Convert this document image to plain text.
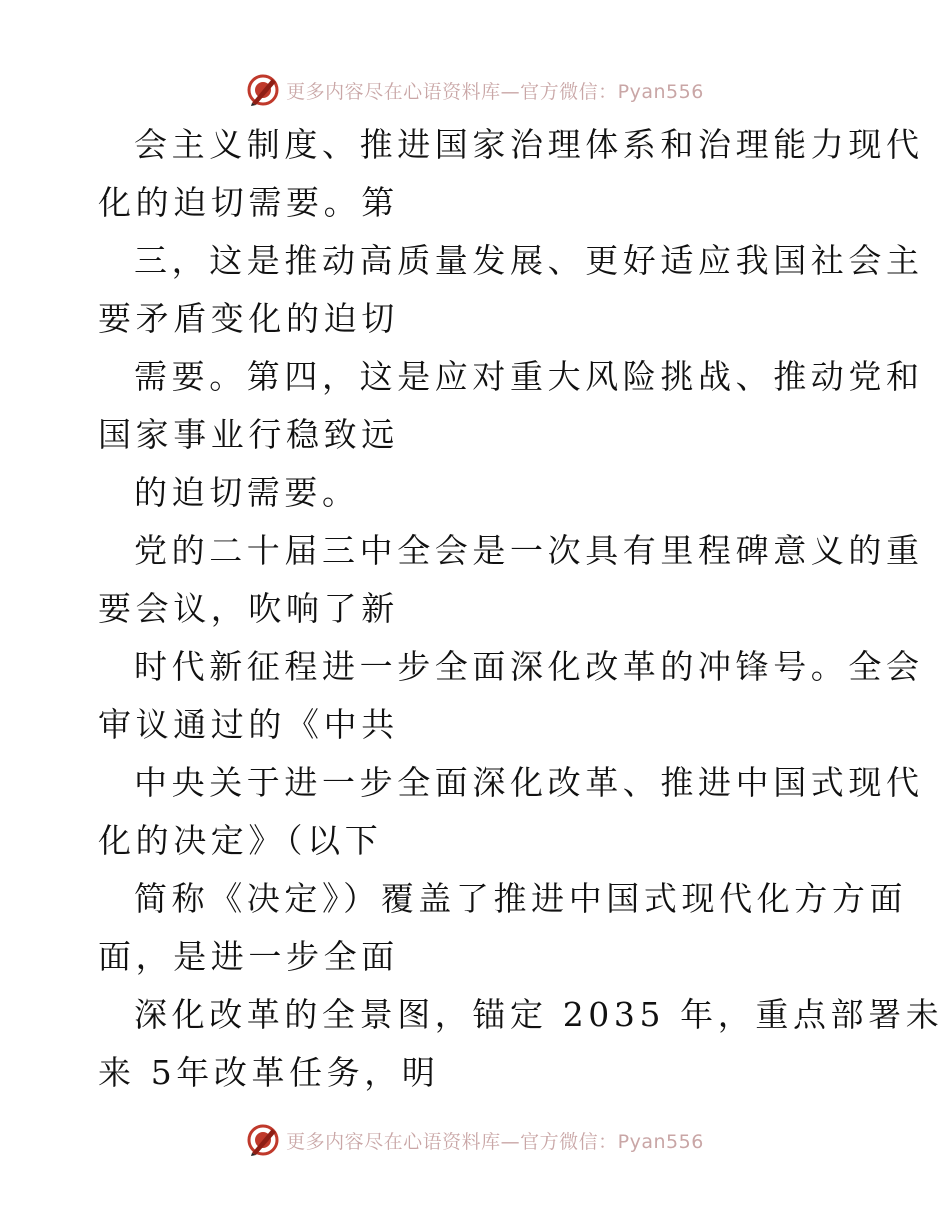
更多内容尽在心语资料库—官方微信：Pyan556
会主义制度、推进国家治理体系和治理能力现代
化的迫切需要。第
三，这是推动高质量发展、更好适应我国社会主
要矛盾变化的迫切
需要。第四，这是应对重大风险挑战、推动党和
国家事业行稳致远
的迫切需要。
党的二十届三中全会是一次具有里程碑意义的重
要会议，吹响了新
时代新征程进一步全面深化改革的冲锋号。全会
审议通过的《中共
中央关于进一步全面深化改革、推进中国式现代
化的决定》（以下
简称《决定》）覆盖了推进中国式现代化方方面
面，是进一步全面
深化改革的全景图，锚定 2035 年，重点部署未
来 5年改革任务，明
更多内容尽在心语资料库—官方微信：Pyan556
